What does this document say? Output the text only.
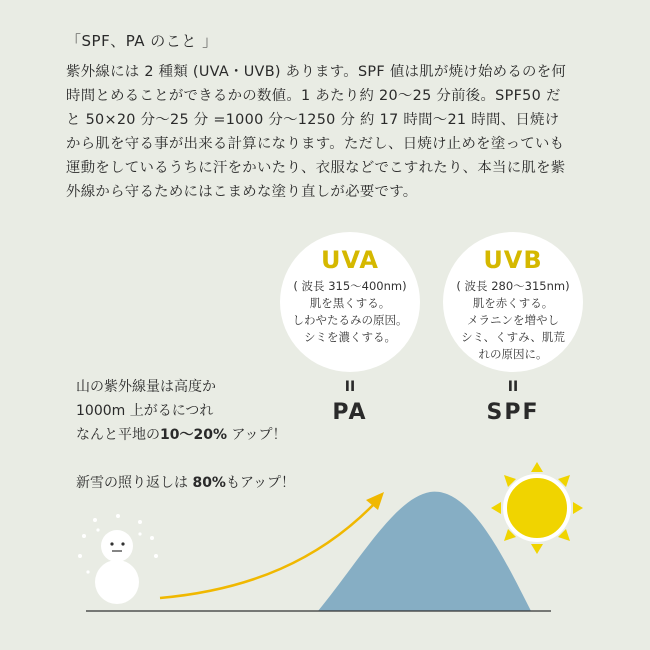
「SPF、PA のこと 」
紫外線には 2 種類 (UVA・UVB) あります。SPF 値は肌が焼け始めるのを何
時間とめることができるかの数値。1 あたり約 20〜25 分前後。SPF50 だ
と 50×20 分〜25 分 =1000 分〜1250 分 約 17 時間〜21 時間、日焼け
から肌を守る事が出来る計算になります。ただし、日焼け止めを塗っていも
運動をしているうちに汗をかいたり、衣服などでこすれたり、本当に肌を紫
外線から守るためにはこまめな塗り直しが必要です。
UVA
( 波長 315〜400nm)
肌を黒くする。
しわやたるみの原因。
シミを濃くする。
UVB
( 波長 280〜315nm)
肌を赤くする。
メラニンを増やし
シミ、くすみ、肌荒
れの原因に。
II	II
PA	SPF
山の紫外線量は高度か
1000m 上がるにつれ
なんと平地の10〜20% アップ！
新雪の照り返しは 80%もアップ！
